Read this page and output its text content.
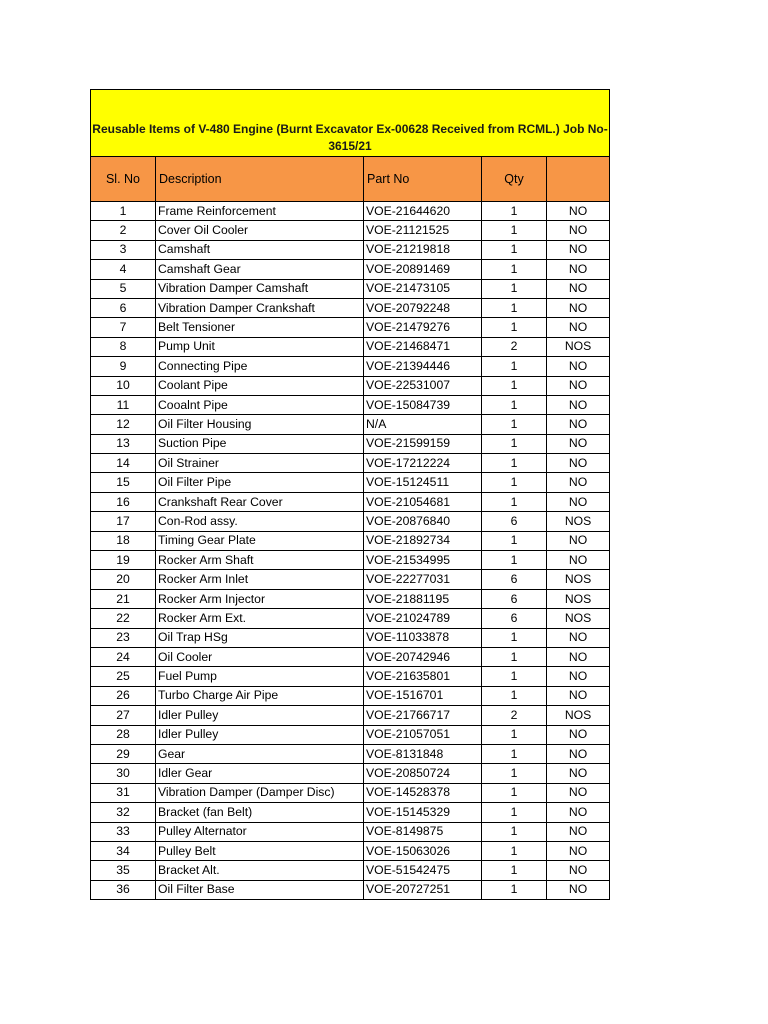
Reusable Items of V-480 Engine (Burnt Excavator Ex-00628 Received from RCML.) Job No-3615/21				
Sl. No	Description	Part No	Qty	
1	Frame Reinforcement	VOE-21644620	1	NO
2	Cover Oil Cooler	VOE-21121525	1	NO
3	Camshaft	VOE-21219818	1	NO
4	Camshaft Gear	VOE-20891469	1	NO
5	Vibration Damper Camshaft	VOE-21473105	1	NO
6	Vibration Damper Crankshaft	VOE-20792248	1	NO
7	Belt Tensioner	VOE-21479276	1	NO
8	Pump Unit	VOE-21468471	2	NOS
9	Connecting Pipe	VOE-21394446	1	NO
10	Coolant Pipe	VOE-22531007	1	NO
11	Cooalnt Pipe	VOE-15084739	1	NO
12	Oil Filter Housing	N/A	1	NO
13	Suction Pipe	VOE-21599159	1	NO
14	Oil Strainer	VOE-17212224	1	NO
15	Oil Filter Pipe	VOE-15124511	1	NO
16	Crankshaft Rear Cover	VOE-21054681	1	NO
17	Con-Rod assy.	VOE-20876840	6	NOS
18	Timing Gear Plate	VOE-21892734	1	NO
19	Rocker Arm Shaft	VOE-21534995	1	NO
20	Rocker Arm Inlet	VOE-22277031	6	NOS
21	Rocker Arm Injector	VOE-21881195	6	NOS
22	Rocker Arm Ext.	VOE-21024789	6	NOS
23	Oil Trap HSg	VOE-11033878	1	NO
24	Oil Cooler	VOE-20742946	1	NO
25	Fuel Pump	VOE-21635801	1	NO
26	Turbo Charge Air Pipe	VOE-1516701	1	NO
27	Idler Pulley	VOE-21766717	2	NOS
28	Idler Pulley	VOE-21057051	1	NO
29	Gear	VOE-8131848	1	NO
30	Idler Gear	VOE-20850724	1	NO
31	Vibration Damper (Damper Disc)	VOE-14528378	1	NO
32	Bracket (fan Belt)	VOE-15145329	1	NO
33	Pulley Alternator	VOE-8149875	1	NO
34	Pulley Belt	VOE-15063026	1	NO
35	Bracket Alt.	VOE-51542475	1	NO
36	Oil Filter Base	VOE-20727251	1	NO
